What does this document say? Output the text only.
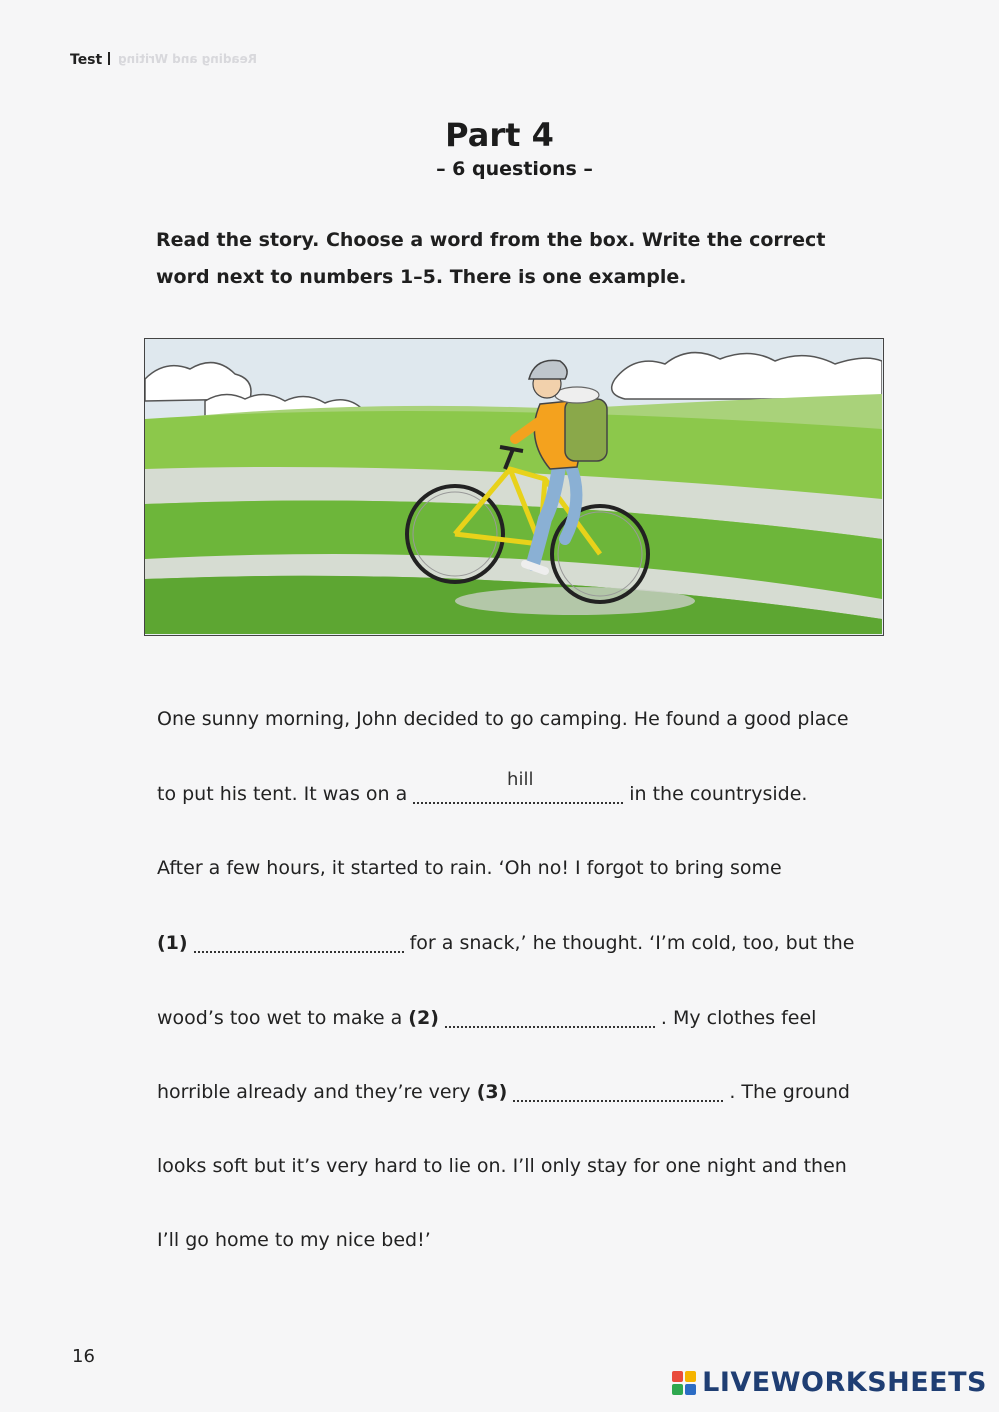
Reading and Writing
Test
Part 4
– 6 questions –
Read the story. Choose a word from the box. Write the correct word next to numbers 1–5. There is one example.
One sunny morning, John decided to go camping. He found a good place
to put his tent. It was on a
hill	in the countryside.
After a few hours, it started to rain. ‘Oh no! I forgot to bring some
(1)	for a snack,’ he thought. ‘I’m cold, too, but the
wood’s too wet to make a (2)	. My clothes feel
horrible already and they’re very (3)	. The ground
looks soft but it’s very hard to lie on. I’ll only stay for one night and then
I’ll go home to my nice bed!’
16
LIVEWORKSHEETS
